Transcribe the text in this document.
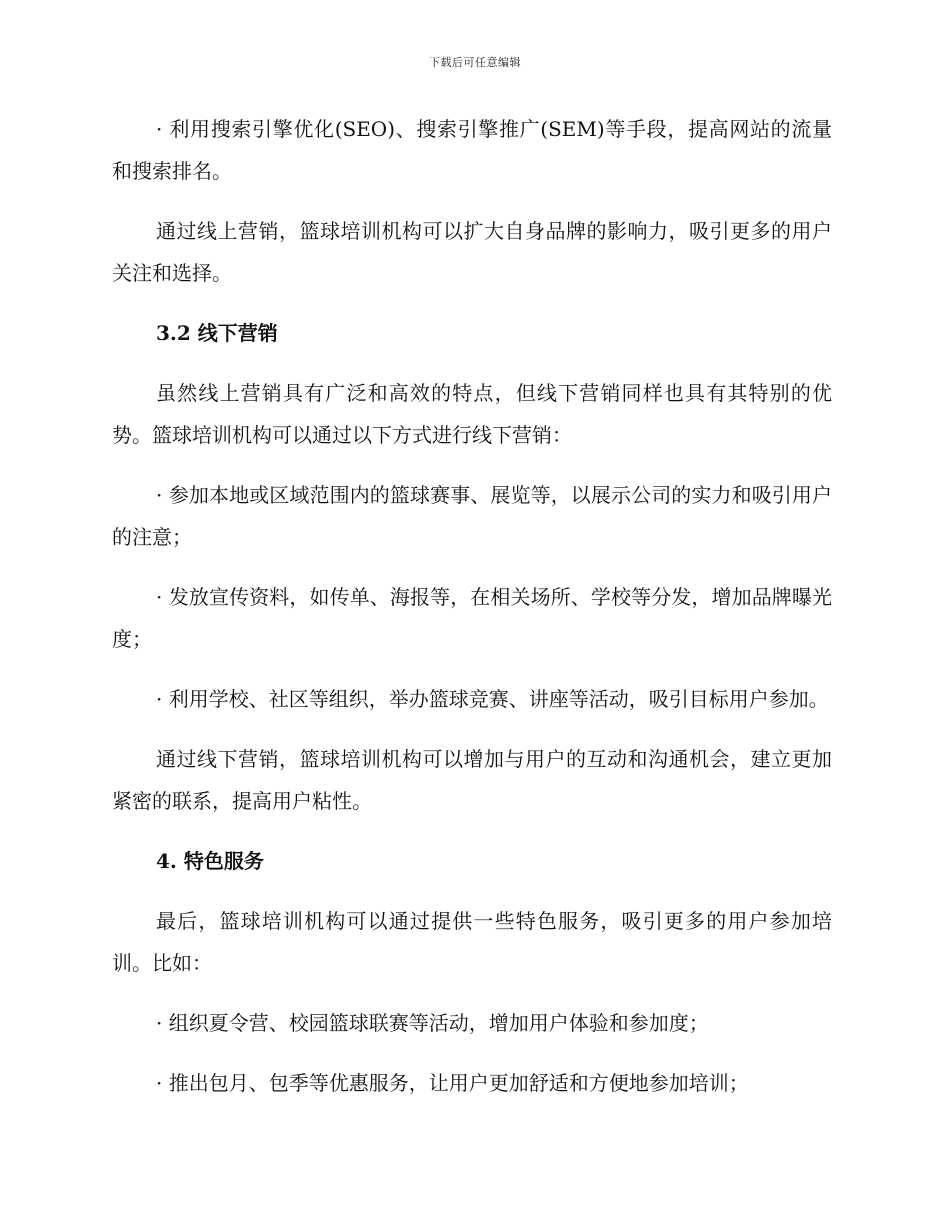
下载后可任意编辑

· 利用搜索引擎优化(SEO)、搜索引擎推广(SEM)等手段，提高网站的流量和搜索排名。

通过线上营销，篮球培训机构可以扩大自身品牌的影响力，吸引更多的用户关注和选择。

3.2 线下营销

虽然线上营销具有广泛和高效的特点，但线下营销同样也具有其特别的优势。篮球培训机构可以通过以下方式进行线下营销：

· 参加本地或区域范围内的篮球赛事、展览等，以展示公司的实力和吸引用户的注意；

· 发放宣传资料，如传单、海报等，在相关场所、学校等分发，增加品牌曝光度；

· 利用学校、社区等组织，举办篮球竞赛、讲座等活动，吸引目标用户参加。

通过线下营销，篮球培训机构可以增加与用户的互动和沟通机会，建立更加紧密的联系，提高用户粘性。

4. 特色服务

最后，篮球培训机构可以通过提供一些特色服务，吸引更多的用户参加培训。比如：

· 组织夏令营、校园篮球联赛等活动，增加用户体验和参加度；

· 推出包月、包季等优惠服务，让用户更加舒适和方便地参加培训；
